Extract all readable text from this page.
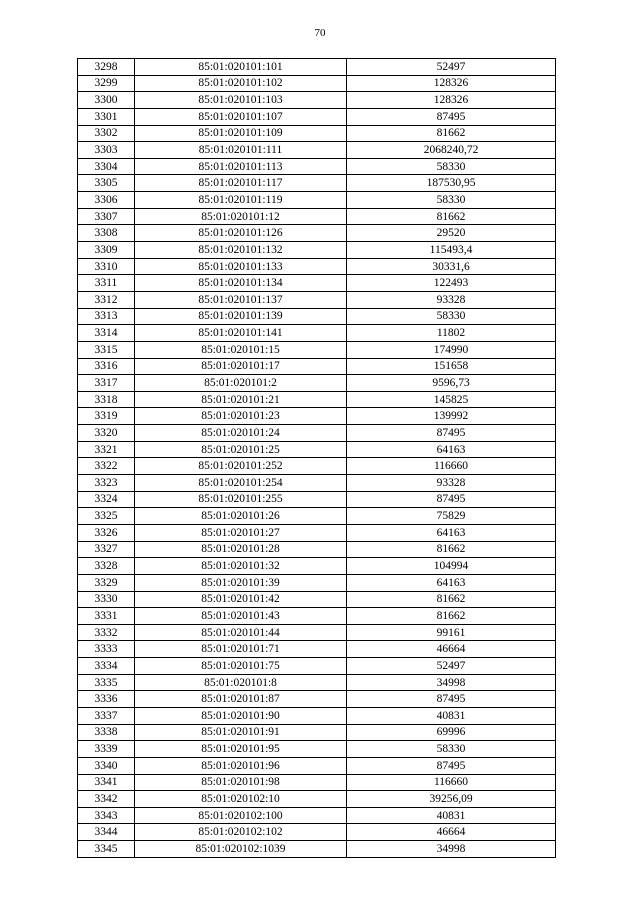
70
3298	85:01:020101:101	52497
3299	85:01:020101:102	128326
3300	85:01:020101:103	128326
3301	85:01:020101:107	87495
3302	85:01:020101:109	81662
3303	85:01:020101:111	2068240,72
3304	85:01:020101:113	58330
3305	85:01:020101:117	187530,95
3306	85:01:020101:119	58330
3307	85:01:020101:12	81662
3308	85:01:020101:126	29520
3309	85:01:020101:132	115493,4
3310	85:01:020101:133	30331,6
3311	85:01:020101:134	122493
3312	85:01:020101:137	93328
3313	85:01:020101:139	58330
3314	85:01:020101:141	11802
3315	85:01:020101:15	174990
3316	85:01:020101:17	151658
3317	85:01:020101:2	9596,73
3318	85:01:020101:21	145825
3319	85:01:020101:23	139992
3320	85:01:020101:24	87495
3321	85:01:020101:25	64163
3322	85:01:020101:252	116660
3323	85:01:020101:254	93328
3324	85:01:020101:255	87495
3325	85:01:020101:26	75829
3326	85:01:020101:27	64163
3327	85:01:020101:28	81662
3328	85:01:020101:32	104994
3329	85:01:020101:39	64163
3330	85:01:020101:42	81662
3331	85:01:020101:43	81662
3332	85:01:020101:44	99161
3333	85:01:020101:71	46664
3334	85:01:020101:75	52497
3335	85:01:020101:8	34998
3336	85:01:020101:87	87495
3337	85:01:020101:90	40831
3338	85:01:020101:91	69996
3339	85:01:020101:95	58330
3340	85:01:020101:96	87495
3341	85:01:020101:98	116660
3342	85:01:020102:10	39256,09
3343	85:01:020102:100	40831
3344	85:01:020102:102	46664
3345	85:01:020102:1039	34998
